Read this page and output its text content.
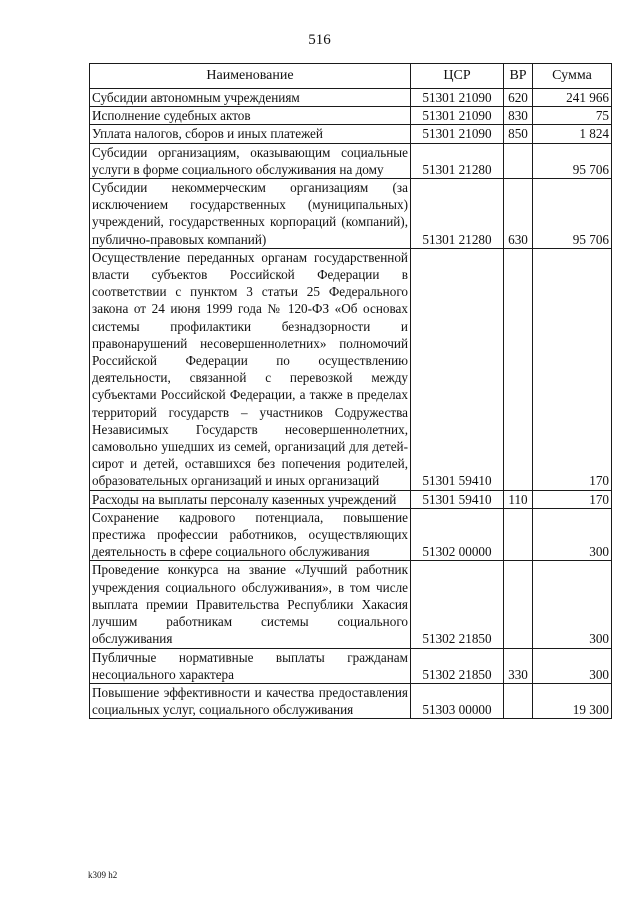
516
Наименование	ЦСР	ВР	Сумма
Субсидии автономным учреждениям	51301 21090	620	241 966
Исполнение судебных актов	51301 21090	830	75
Уплата налогов, сборов и иных платежей	51301 21090	850	1 824
Субсидии организациям, оказывающим социальные услуги в форме социального обслуживания на дому	51301 21280		95 706
Субсидии некоммерческим организациям (за исключением государственных (муниципальных) учреждений, государственных корпораций (компаний), публично-правовых компаний)	51301 21280	630	95 706
Осуществление переданных органам государственной власти субъектов Российской Федерации в соответствии с пунктом 3 статьи 25 Федерального закона от 24 июня 1999 года № 120-ФЗ «Об основах системы профилактики безнадзорности и правонарушений несовершеннолетних» полномочий Российской Федерации по осуществлению деятельности, связанной с перевозкой между субъектами Российской Федерации, а также в пределах территорий государств – участников Содружества Независимых Государств несовершеннолетних, самовольно ушедших из семей, организаций для детей-сирот и детей, оставшихся без попечения родителей, образовательных организаций и иных организаций	51301 59410		170
Расходы на выплаты персоналу казенных учреждений	51301 59410	110	170
Сохранение кадрового потенциала, повышение престижа профессии работников, осуществляющих деятельность в сфере социального обслуживания	51302 00000		300
Проведение конкурса на звание «Лучший работник учреждения социального обслуживания», в том числе выплата премии Правительства Республики Хакасия лучшим работникам системы социального обслуживания	51302 21850		300
Публичные нормативные выплаты гражданам несоциального характера	51302 21850	330	300
Повышение эффективности и качества предоставления социальных услуг, социального обслуживания	51303 00000		19 300
k309 h2
